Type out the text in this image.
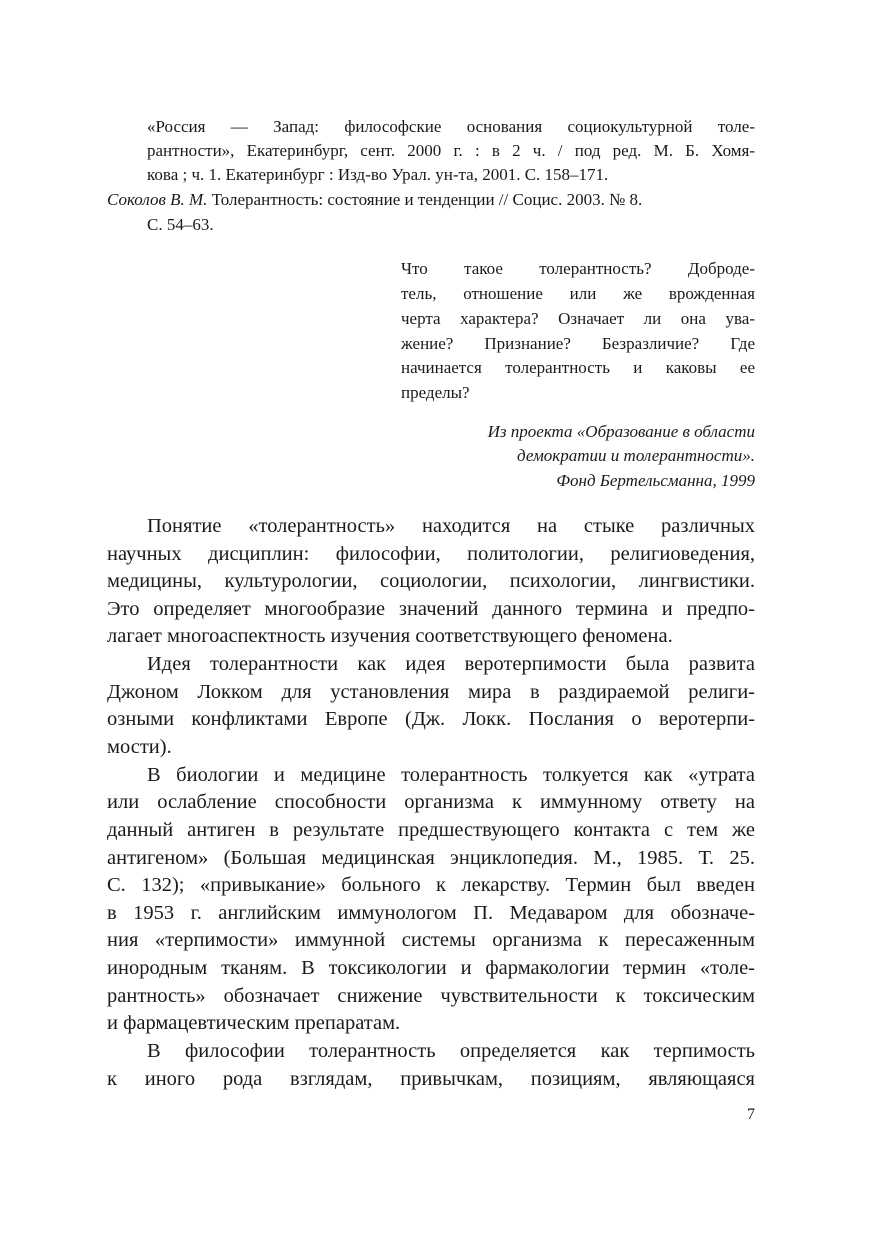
«Россия — Запад: философские основания социокультурной толе-

рантности», Екатеринбург, сент. 2000 г. : в 2 ч. / под ред. М. Б. Хомя-

кова ; ч. 1. Екатеринбург : Изд-во Урал. ун-та, 2001. С. 158–171.

Соколов В. М. Толерантность: состояние и тенденции // Социс. 2003. № 8.

С. 54–63.

Что такое толерантность? Доброде-

тель, отношение или же врожденная

черта характера? Означает ли она ува-

жение? Признание? Безразличие? Где

начинается толерантность и каковы ее

пределы?

Из проекта «Образование в области

демократии и толерантности».

Фонд Бертельсманна, 1999

Понятие «толерантность» находится на стыке различных

научных дисциплин: философии, политологии, религиоведения,

медицины, культурологии, социологии, психологии, лингвистики.

Это определяет многообразие значений данного термина и предпо-

лагает многоаспектность изучения соответствующего феномена.

Идея толерантности как идея веротерпимости была развита

Джоном Локком для установления мира в раздираемой религи-

озными конфликтами Европе (Дж. Локк. Послания о веротерпи-

мости).

В биологии и медицине толерантность толкуется как «утрата

или ослабление способности организма к иммунному ответу на

данный антиген в результате предшествующего контакта с тем же

антигеном» (Большая медицинская энциклопедия. М., 1985. Т. 25.

С. 132); «привыкание» больного к лекарству. Термин был введен

в 1953 г. английским иммунологом П. Медаваром для обозначе-

ния «терпимости» иммунной системы организма к пересаженным

инородным тканям. В токсикологии и фармакологии термин «толе-

рантность» обозначает снижение чувствительности к токсическим

и фармацевтическим препаратам.

В философии толерантность определяется как терпимость

к иного рода взглядам, привычкам, позициям, являющаяся

7
